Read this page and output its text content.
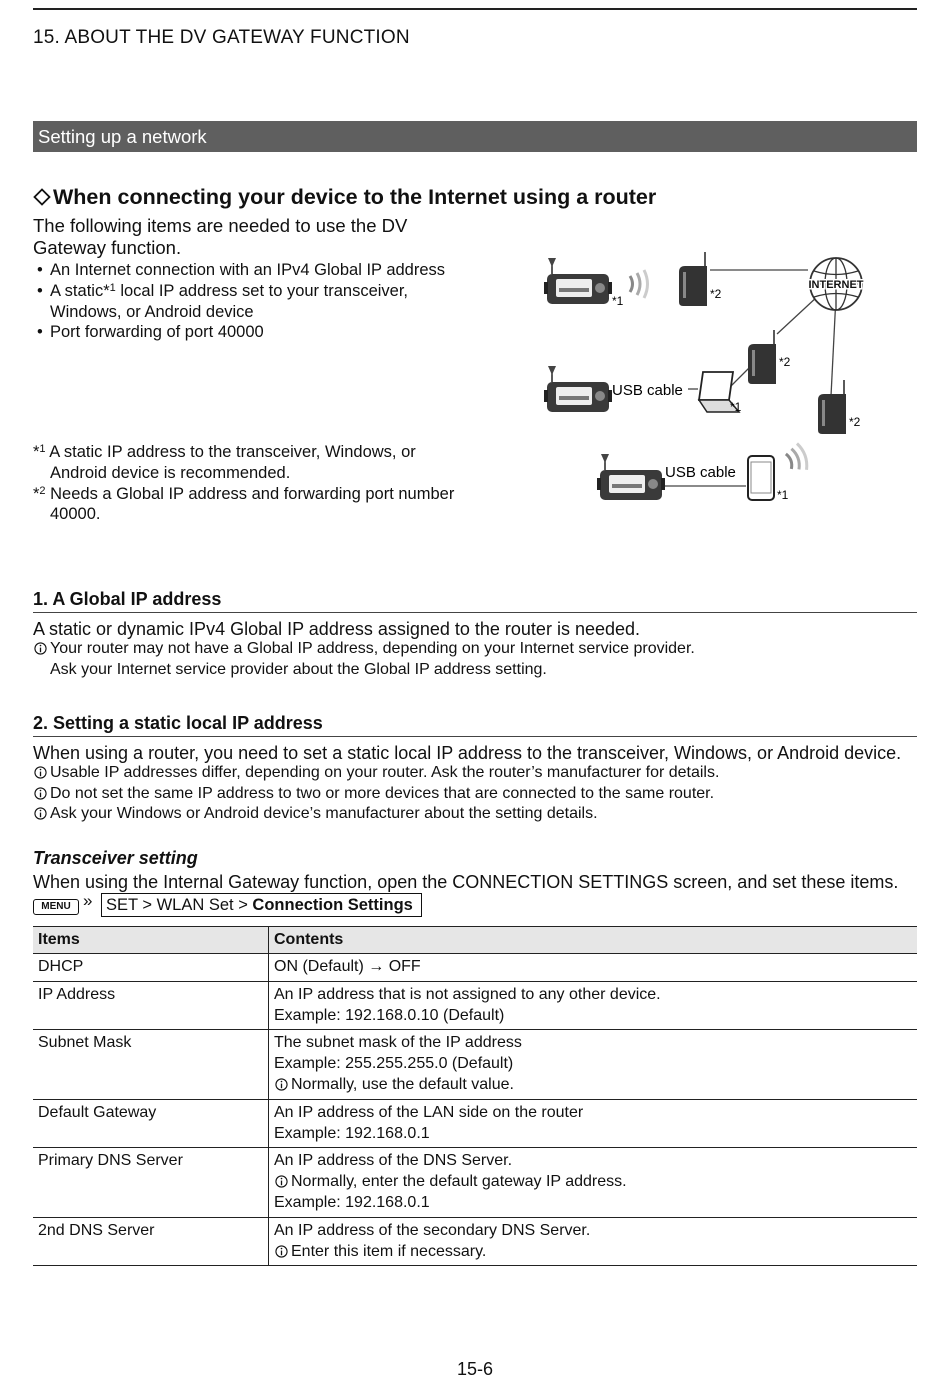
15. ABOUT THE DV GATEWAY FUNCTION
Setting up a network
When connecting your device to the Internet using a router
The following items are needed to use the DV Gateway function.
• An Internet connection with an IPv4 Global IP address
• A static*$^1$ local IP address set to your transceiver, Windows, or Android device
• Port forwarding of port 40000
*$^1$ A static IP address to the transceiver, Windows, or Android device is recommended.
*$^2$ Needs a Global IP address and forwarding port number 40000.
INTERNET
*1	*2
*2
*1
*2
*1
USB cable
USB cable
1. A Global IP address
A static or dynamic IPv4 Global IP address assigned to the router is needed.
Your router may not have a Global IP address, depending on your Internet service provider.
Ask your Internet service provider about the Global IP address setting.
2. Setting a static local IP address
When using a router, you need to set a static local IP address to the transceiver, Windows, or Android device.
Usable IP addresses differ, depending on your router. Ask the router’s manufacturer for details.
Do not set the same IP address to two or more devices that are connected to the same router.
Ask your Windows or Android device’s manufacturer about the setting details.
Transceiver setting
When using the Internal Gateway function, open the CONNECTION SETTINGS screen, and set these items.
MENU » SET > WLAN Set > Connection Settings
Items	Contents
DHCP	ON (Default) → OFF

IP Address	An IP address that is not assigned to any other device.
Example: 192.168.0.10 (Default)

Subnet Mask	The subnet mask of the IP address
Example: 255.255.255.0 (Default)
Normally, use the default value.

Default Gateway	An IP address of the LAN side on the router
Example: 192.168.0.1

Primary DNS Server	An IP address of the DNS Server.
Normally, enter the default gateway IP address.
Example: 192.168.0.1

2nd DNS Server	An IP address of the secondary DNS Server.
Enter this item if necessary.
15-6
